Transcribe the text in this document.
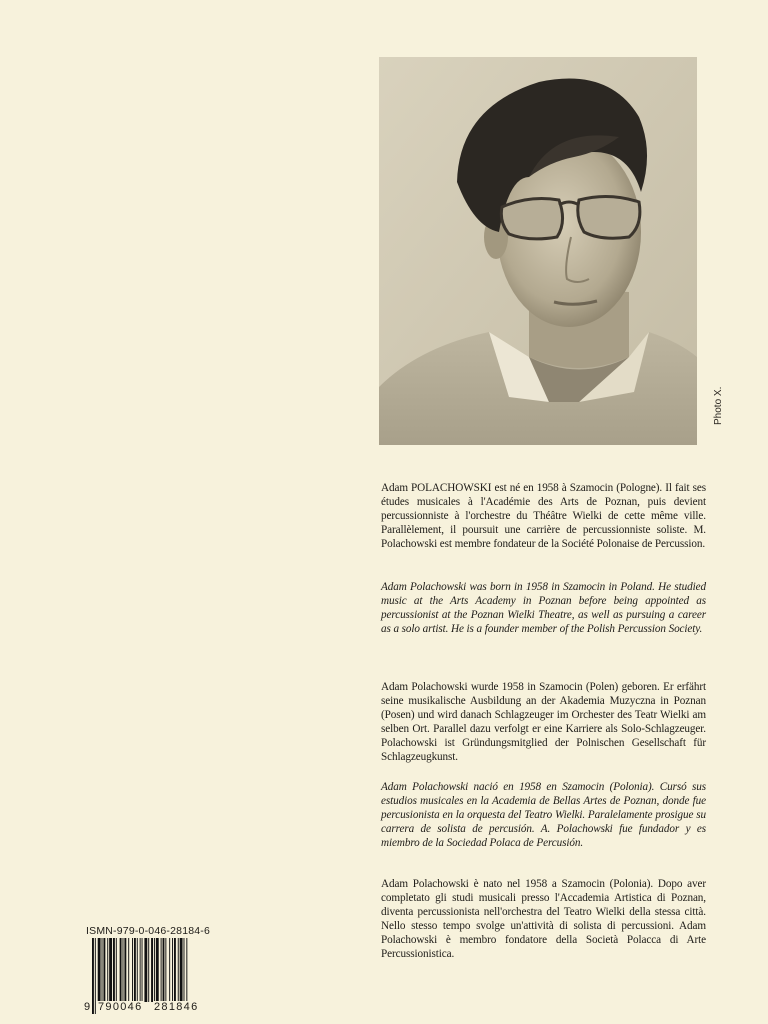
Photo X.

Adam POLACHOWSKI est né en 1958 à Szamocin (Pologne). Il fait ses études musicales à l'Académie des Arts de Poznan, puis devient percussionniste à l'orchestre du Théâtre Wielki de cette même ville. Parallèlement, il poursuit une carrière de percussionniste soliste. M. Polachowski est membre fondateur de la Société Polonaise de Percussion.

Adam Polachowski was born in 1958 in Szamocin in Poland. He studied music at the Arts Academy in Poznan before being appointed as percussionist at the Poznan Wielki Theatre, as well as pursuing a career as a solo artist. He is a founder member of the Polish Percussion Society.

Adam Polachowski wurde 1958 in Szamocin (Polen) geboren. Er erfährt seine musikalische Ausbildung an der Akademia Muzyczna in Poznan (Posen) und wird danach Schlagzeuger im Orchester des Teatr Wielki am selben Ort. Parallel dazu verfolgt er eine Karriere als Solo-Schlagzeuger. Polachowski ist Gründungsmitglied der Polnischen Gesellschaft für Schlagzeugkunst.

Adam Polachowski nació en 1958 en Szamocin (Polonia). Cursó sus estudios musicales en la Academia de Bellas Artes de Poznan, donde fue percusionista en la orquesta del Teatro Wielki. Paralelamente prosigue su carrera de solista de percusión. A. Polachowski fue fundador y es miembro de la Sociedad Polaca de Percusión.

Adam Polachowski è nato nel 1958 a Szamocin (Polonia). Dopo aver completato gli studi musicali presso l'Accademia Artistica di Poznan, diventa percussionista nell'orchestra del Teatro Wielki della stessa città. Nello stesso tempo svolge un'attività di solista di percussioni. Adam Polachowski è membro fondatore della Società Polacca di Arte Percussionistica.

ISMN-979-0-046-28184-6
9 790046 281846
